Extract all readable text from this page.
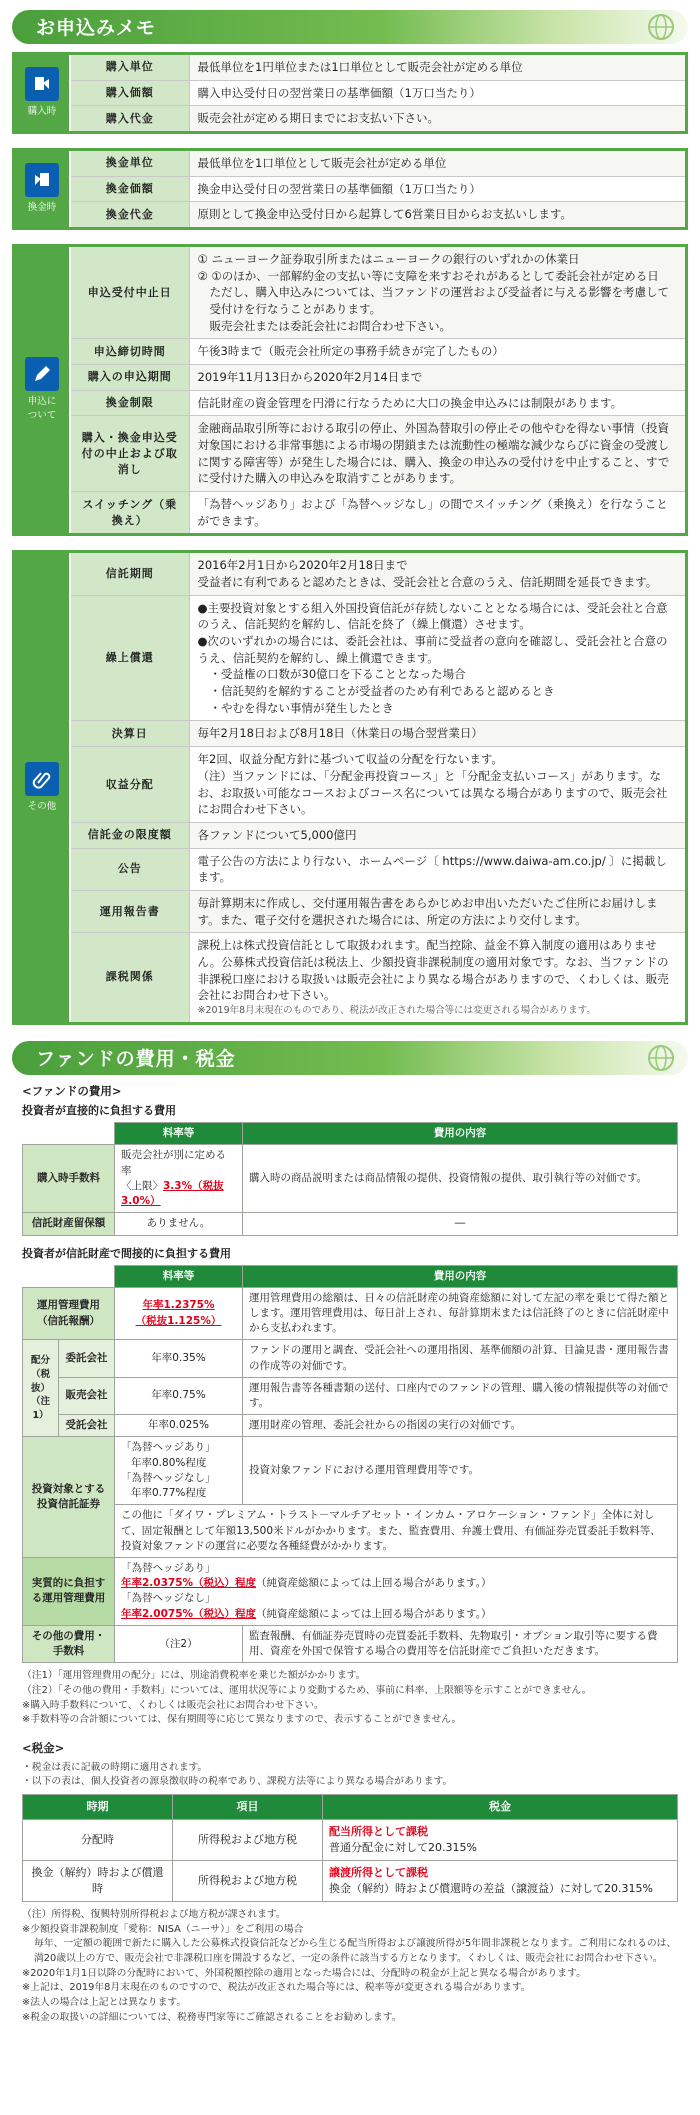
お申込みメモ
購入時
購入単位	最低単位を1円単位または1口単位として販売会社が定める単位
購入価額	購入申込受付日の翌営業日の基準価額（1万口当たり）
購入代金	販売会社が定める期日までにお支払い下さい。
換金時
換金単位	最低単位を1口単位として販売会社が定める単位
換金価額	換金申込受付日の翌営業日の基準価額（1万口当たり）
換金代金	原則として換金申込受付日から起算して6営業日目からお支払いします。
申込について
申込受付中止日	① ニューヨーク証券取引所またはニューヨークの銀行のいずれかの休業日
② ①のほか、一部解約金の支払い等に支障を来すおそれがあるとして委託会社が定める日
ただし、購入申込みについては、当ファンドの運営および受益者に与える影響を考慮して受付けを行なうことがあります。
販売会社または委託会社にお問合わせ下さい。

申込締切時間	午後3時まで（販売会社所定の事務手続きが完了したもの）
購入の申込期間	2019年11月13日から2020年2月14日まで
換金制限	信託財産の資金管理を円滑に行なうために大口の換金申込みには制限があります。
購入・換金申込受付の中止および取消し	金融商品取引所等における取引の停止、外国為替取引の停止その他やむを得ない事情（投資対象国における非常事態による市場の閉鎖または流動性の極端な減少ならびに資金の受渡しに関する障害等）が発生した場合には、購入、換金の申込みの受付けを中止すること、すでに受付けた購入の申込みを取消すことがあります。
スイッチング（乗換え）	「為替ヘッジあり」および「為替ヘッジなし」の間でスイッチング（乗換え）を行なうことができます。
その他
信託期間	2016年2月1日から2020年2月18日まで
受益者に有利であると認めたときは、受託会社と合意のうえ、信託期間を延長できます。

繰上償還	●主要投資対象とする組入外国投資信託が存続しないこととなる場合には、受託会社と合意のうえ、信託契約を解約し、信託を終了（繰上償還）させます。
●次のいずれかの場合には、委託会社は、事前に受益者の意向を確認し、受託会社と合意のうえ、信託契約を解約し、繰上償還できます。
・受益権の口数が30億口を下ることとなった場合
・信託契約を解約することが受益者のため有利であると認めるとき
・やむを得ない事情が発生したとき

決算日	毎年2月18日および8月18日（休業日の場合翌営業日）
収益分配	年2回、収益分配方針に基づいて収益の分配を行ないます。
（注）当ファンドには、「分配金再投資コース」と「分配金支払いコース」があります。なお、お取扱い可能なコースおよびコース名については異なる場合がありますので、販売会社にお問合わせ下さい。

信託金の限度額	各ファンドについて5,000億円
公告	電子公告の方法により行ない、ホームページ〔 https://www.daiwa-am.co.jp/ 〕に掲載します。
運用報告書	毎計算期末に作成し、交付運用報告書をあらかじめお申出いただいたご住所にお届けします。また、電子交付を選択された場合には、所定の方法により交付します。
課税関係	課税上は株式投資信託として取扱われます。配当控除、益金不算入制度の適用はありません。公募株式投資信託は税法上、少額投資非課税制度の適用対象です。なお、当ファンドの非課税口座における取扱いは販売会社により異なる場合がありますので、くわしくは、販売会社にお問合わせ下さい。
※2019年8月末現在のものであり、税法が改正された場合等には変更される場合があります。
ファンドの費用・税金
<ファンドの費用>
投資者が直接的に負担する費用
	料率等	費用の内容
購入時手数料	販売会社が別に定める率
〈上限〉3.3%（税抜3.0%）	購入時の商品説明または商品情報の提供、投資情報の提供、取引執行等の対価です。
信託財産留保額	ありません。	―
投資者が信託財産で間接的に負担する費用
		料率等	費用の内容
運用管理費用（信託報酬）		年率1.2375%
（税抜1.125%）	運用管理費用の総額は、日々の信託財産の純資産総額に対して左記の率を乗じて得た額とします。運用管理費用は、毎日計上され、毎計算期末または信託終了のときに信託財産中から支払われます。
配分（税抜）（注1）	委託会社	年率0.35%	ファンドの運用と調査、受託会社への運用指図、基準価額の計算、目論見書・運用報告書の作成等の対価です。
	販売会社	年率0.75%	運用報告書等各種書類の送付、口座内でのファンドの管理、購入後の情報提供等の対価です。
	受託会社	年率0.025%	運用財産の管理、委託会社からの指図の実行の対価です。
投資対象とする投資信託証券		「為替ヘッジあり」
年率0.80%程度
「為替ヘッジなし」
年率0.77%程度	投資対象ファンドにおける運用管理費用等です。
		この他に「ダイワ・プレミアム・トラスト－マルチアセット・インカム・アロケーション・ファンド」全体に対して、固定報酬として年額13,500米ドルがかかります。また、監査費用、弁護士費用、有価証券売買委託手数料等、投資対象ファンドの運営に必要な各種経費がかかります。	
実質的に負担する運用管理費用		「為替ヘッジあり」
年率2.0375%（税込）程度（純資産総額によっては上回る場合があります。）
「為替ヘッジなし」
年率2.0075%（税込）程度（純資産総額によっては上回る場合があります。）	

その他の費用・手数料		（注2）	監査報酬、有価証券売買時の売買委託手数料、先物取引・オプション取引等に要する費用、資産を外国で保管する場合の費用等を信託財産でご負担いただきます。
（注1）「運用管理費用の配分」には、別途消費税率を乗じた額がかかります。
（注2）「その他の費用・手数料」については、運用状況等により変動するため、事前に料率、上限額等を示すことができません。
※購入時手数料について、くわしくは販売会社にお問合わせ下さい。
※手数料等の合計額については、保有期間等に応じて異なりますので、表示することができません。
<税金>
・税金は表に記載の時期に適用されます。
・以下の表は、個人投資者の源泉徴収時の税率であり、課税方法等により異なる場合があります。
時期	項目	税金
分配時	所得税および地方税	配当所得として課税
普通分配金に対して20.315%

換金（解約）時および償還時	所得税および地方税	譲渡所得として課税
換金（解約）時および償還時の差益（譲渡益）に対して20.315%
（注）所得税、復興特別所得税および地方税が課されます。
※少額投資非課税制度「愛称：NISA（ニーサ）」をご利用の場合
毎年、一定額の範囲で新たに購入した公募株式投資信託などから生じる配当所得および譲渡所得が5年間非課税となります。ご利用になれるのは、満20歳以上の方で、販売会社で非課税口座を開設するなど、一定の条件に該当する方となります。くわしくは、販売会社にお問合わせ下さい。
※2020年1月1日以降の分配時において、外国税額控除の適用となった場合には、分配時の税金が上記と異なる場合があります。
※上記は、2019年8月末現在のものですので、税法が改正された場合等には、税率等が変更される場合があります。
※法人の場合は上記とは異なります。
※税金の取扱いの詳細については、税務専門家等にご確認されることをお勧めします。
